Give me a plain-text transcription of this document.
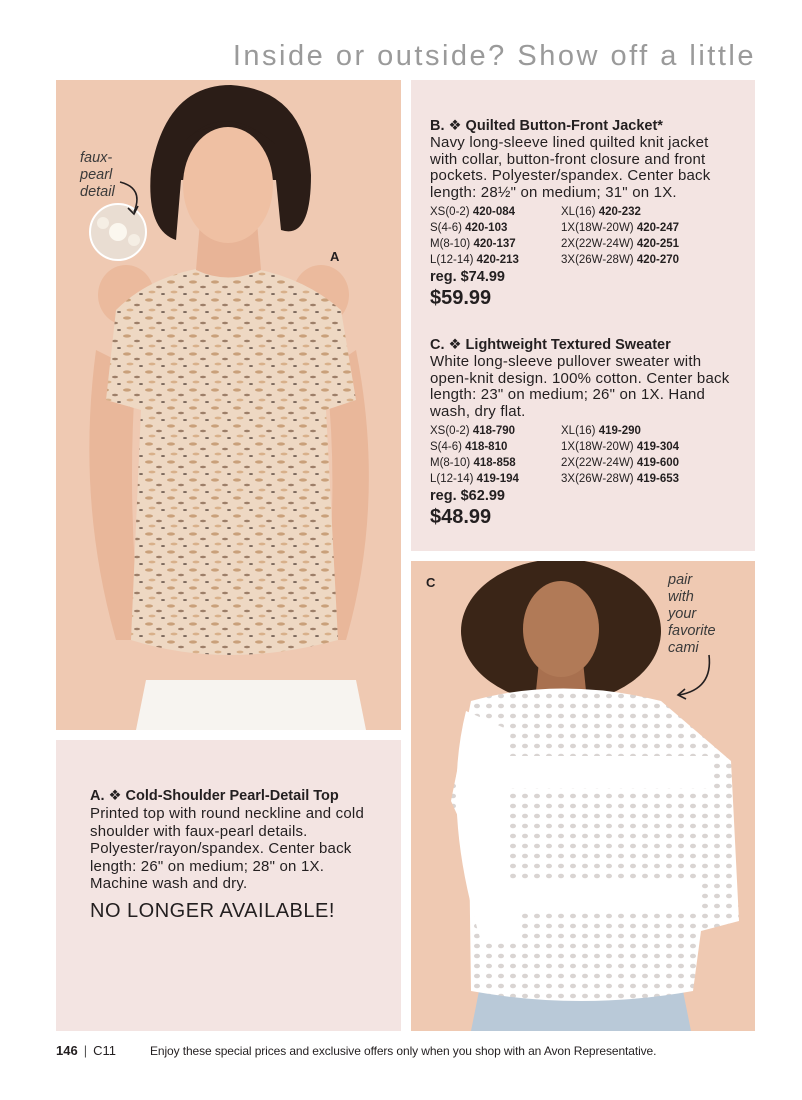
Inside or outside? Show off a little
faux-
pearl
detail
A
B. ❖ Quilted Button-Front Jacket*
Navy long-sleeve lined quilted knit jacket with collar, button-front closure and front pockets. Polyester/spandex. Center back length: 28½" on medium; 31" on 1X.
XS(0-2) 420-084	XL(16) 420-232
S(4-6) 420-103	1X(18W-20W) 420-247
M(8-10) 420-137	2X(22W-24W) 420-251
L(12-14) 420-213	3X(26W-28W) 420-270
reg. $74.99
$59.99
C. ❖ Lightweight Textured Sweater
White long-sleeve pullover sweater with open-knit design. 100% cotton. Center back length: 23" on medium; 26" on 1X. Hand wash, dry flat.
XS(0-2) 418-790	XL(16) 419-290
S(4-6) 418-810	1X(18W-20W) 419-304
M(8-10) 418-858	2X(22W-24W) 419-600
L(12-14) 419-194	3X(26W-28W) 419-653
reg. $62.99
$48.99
A. ❖ Cold-Shoulder Pearl-Detail Top
Printed top with round neckline and cold shoulder with faux-pearl details. Polyester/rayon/spandex. Center back length: 26" on medium; 28" on 1X. Machine wash and dry.
NO LONGER AVAILABLE!
C	pair
with
your
favorite
cami
146 | C11	Enjoy these special prices and exclusive offers only when you shop with an Avon Representative.
